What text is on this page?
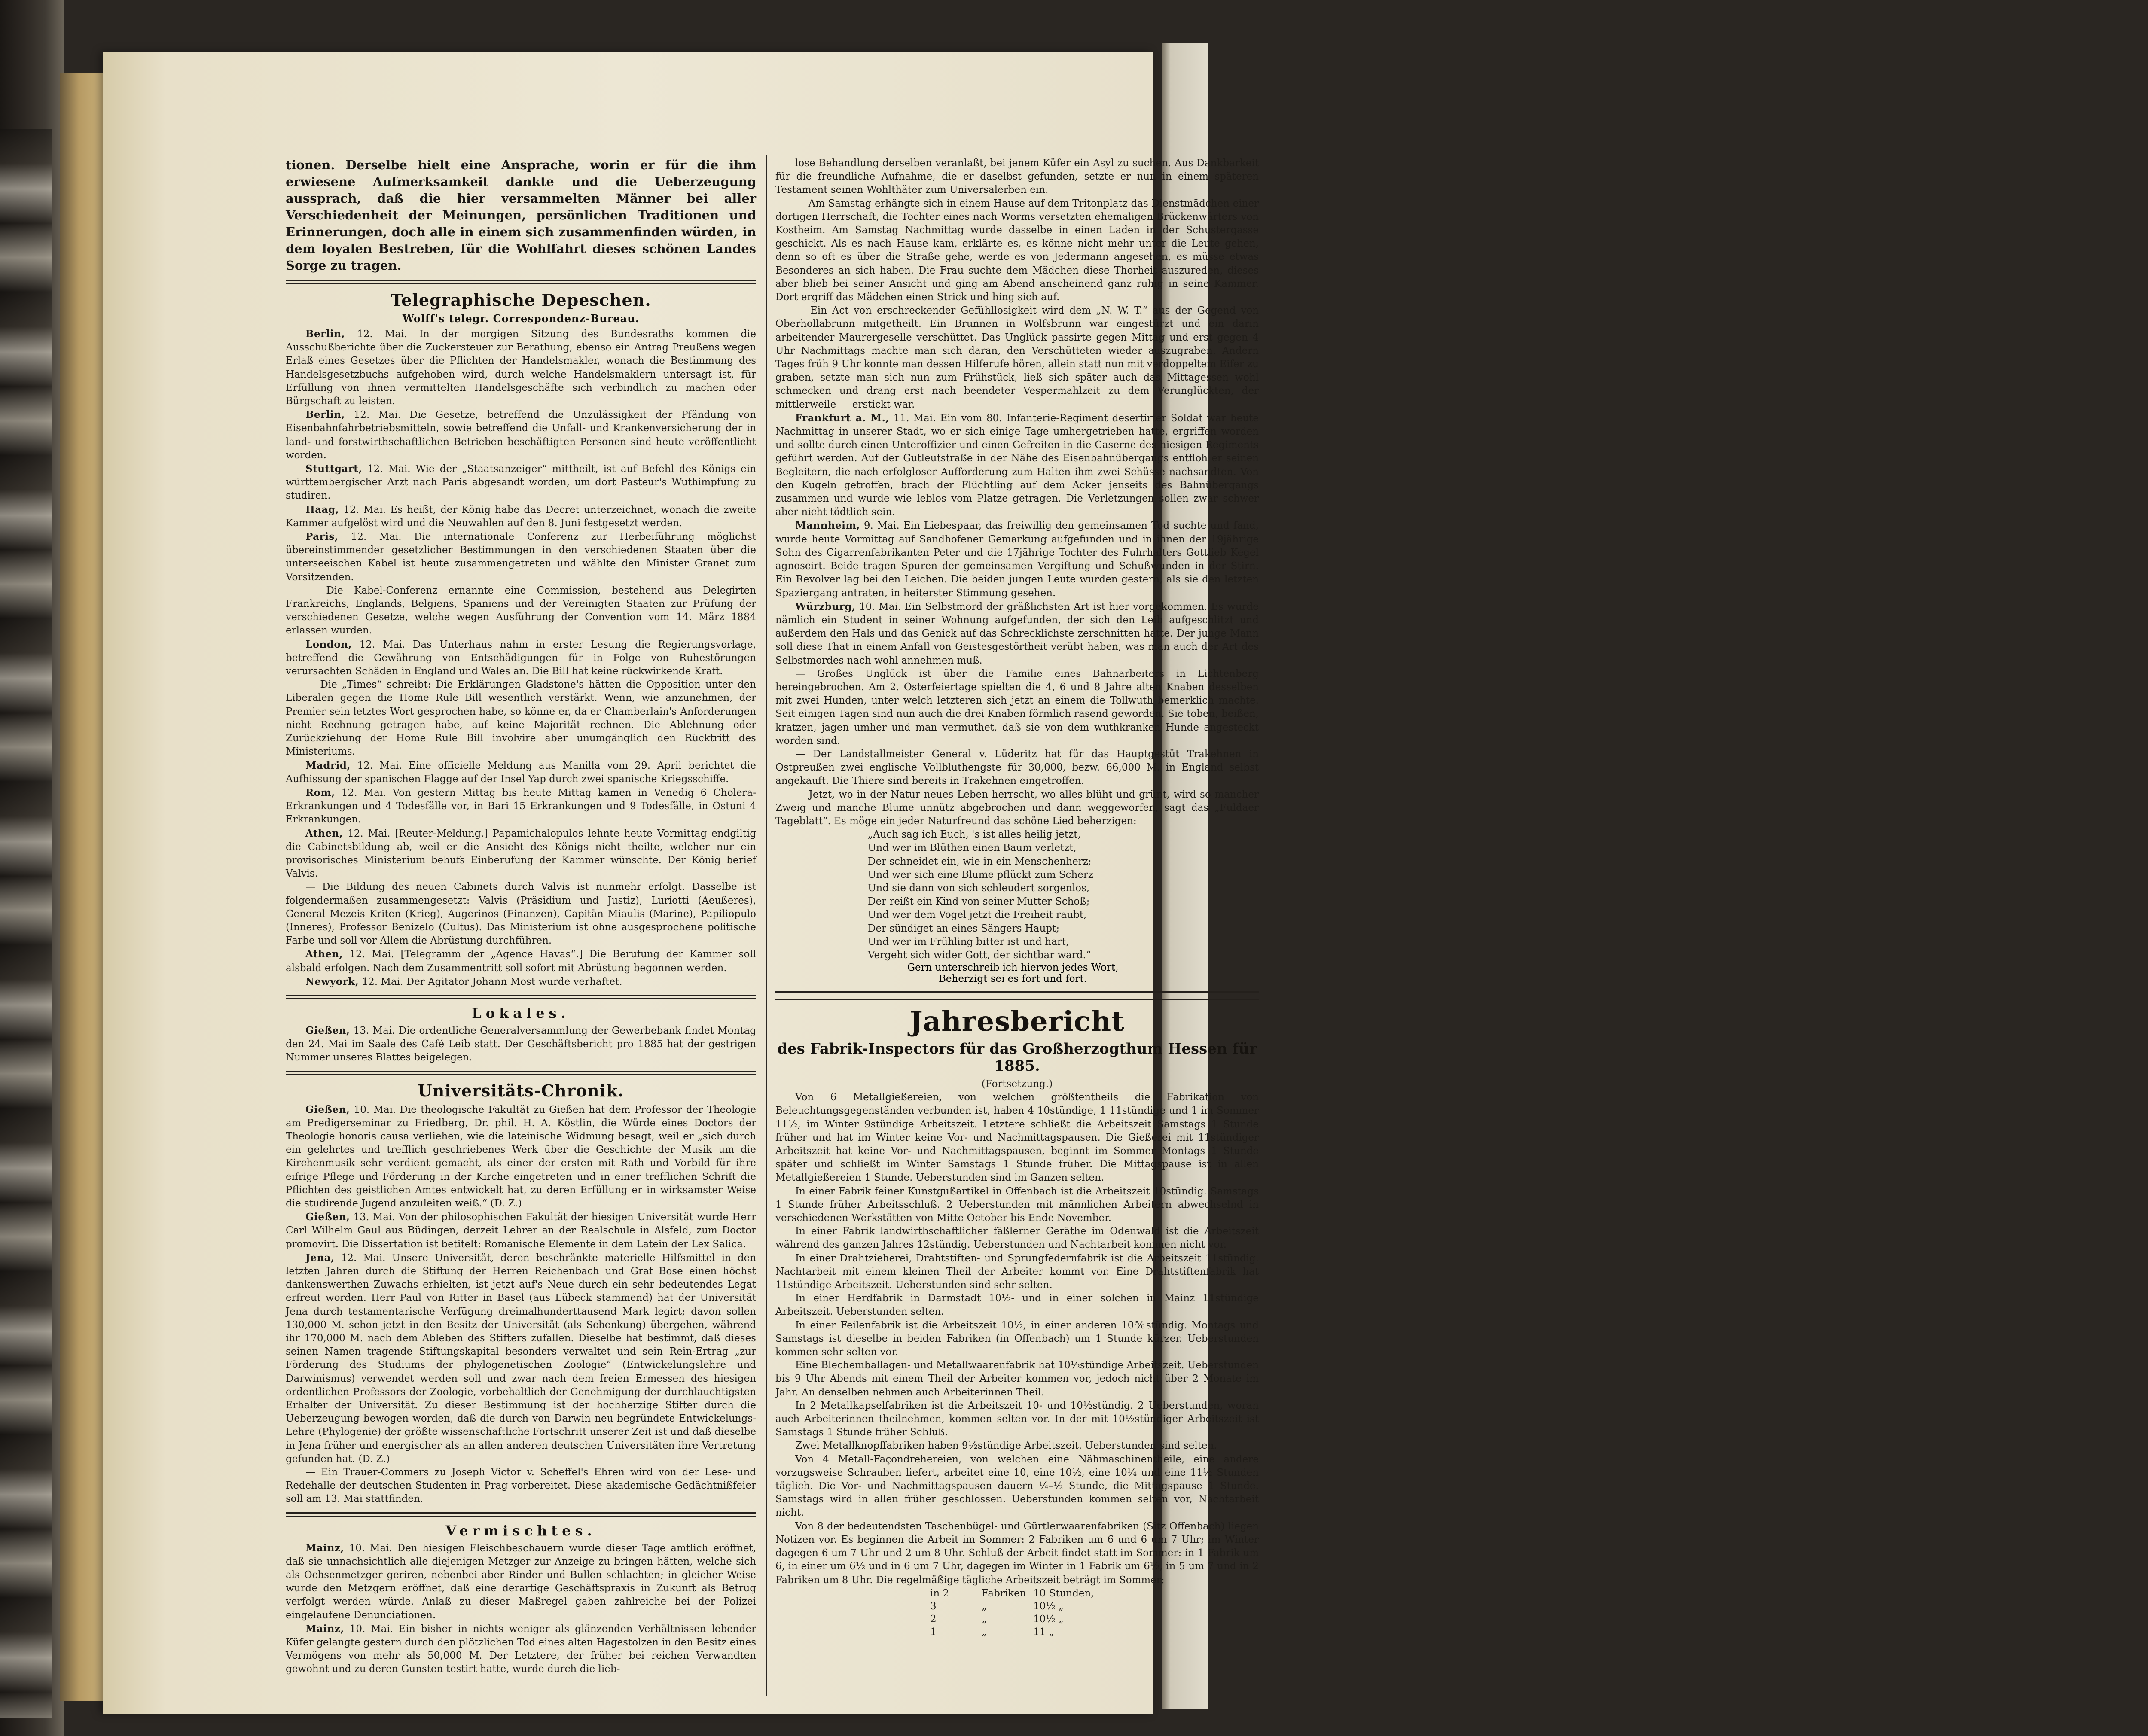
tionen. Derselbe hielt eine Ansprache, worin er für die ihm erwiesene Aufmerksamkeit dankte und die Ueberzeugung aussprach, daß die hier versammelten Männer bei aller Verschiedenheit der Meinungen, persönlichen Traditionen und Erinnerungen, doch alle in einem sich zusammenfinden würden, in dem loyalen Bestreben, für die Wohlfahrt dieses schönen Landes Sorge zu tragen.

Telegraphische Depeschen.
Wolff's telegr. Correspondenz-Bureau.

Berlin, 12. Mai. In der morgigen Sitzung des Bundesraths kommen die Ausschußberichte über die Zuckersteuer zur Berathung, ebenso ein Antrag Preußens wegen Erlaß eines Gesetzes über die Pflichten der Handelsmakler, wonach die Bestimmung des Handelsgesetzbuchs aufgehoben wird, durch welche Handelsmaklern untersagt ist, für Erfüllung von ihnen vermittelten Handelsgeschäfte sich verbindlich zu machen oder Bürgschaft zu leisten.

Berlin, 12. Mai. Die Gesetze, betreffend die Unzulässigkeit der Pfändung von Eisenbahnfahrbetriebsmitteln, sowie betreffend die Unfall- und Krankenversicherung der in land- und forstwirthschaftlichen Betrieben beschäftigten Personen sind heute veröffentlicht worden.

Stuttgart, 12. Mai. Wie der „Staatsanzeiger“ mittheilt, ist auf Befehl des Königs ein württembergischer Arzt nach Paris abgesandt worden, um dort Pasteur's Wuthimpfung zu studiren.

Haag, 12. Mai. Es heißt, der König habe das Decret unterzeichnet, wonach die zweite Kammer aufgelöst wird und die Neuwahlen auf den 8. Juni festgesetzt werden.

Paris, 12. Mai. Die internationale Conferenz zur Herbeiführung möglichst übereinstimmender gesetzlicher Bestimmungen in den verschiedenen Staaten über die unterseeischen Kabel ist heute zusammengetreten und wählte den Minister Granet zum Vorsitzenden.

— Die Kabel-Conferenz ernannte eine Commission, bestehend aus Delegirten Frankreichs, Englands, Belgiens, Spaniens und der Vereinigten Staaten zur Prüfung der verschiedenen Gesetze, welche wegen Ausführung der Convention vom 14. März 1884 erlassen wurden.

London, 12. Mai. Das Unterhaus nahm in erster Lesung die Regierungsvorlage, betreffend die Gewährung von Entschädigungen für in Folge von Ruhestörungen verursachten Schäden in England und Wales an. Die Bill hat keine rückwirkende Kraft.

— Die „Times“ schreibt: Die Erklärungen Gladstone's hätten die Opposition unter den Liberalen gegen die Home Rule Bill wesentlich verstärkt. Wenn, wie anzunehmen, der Premier sein letztes Wort gesprochen habe, so könne er, da er Chamberlain's Anforderungen nicht Rechnung getragen habe, auf keine Majorität rechnen. Die Ablehnung oder Zurückziehung der Home Rule Bill involvire aber unumgänglich den Rücktritt des Ministeriums.

Madrid, 12. Mai. Eine officielle Meldung aus Manilla vom 29. April berichtet die Aufhissung der spanischen Flagge auf der Insel Yap durch zwei spanische Kriegsschiffe.

Rom, 12. Mai. Von gestern Mittag bis heute Mittag kamen in Venedig 6 Cholera-Erkrankungen und 4 Todesfälle vor, in Bari 15 Erkrankungen und 9 Todesfälle, in Ostuni 4 Erkrankungen.

Athen, 12. Mai. [Reuter-Meldung.] Papamichalopulos lehnte heute Vormittag endgiltig die Cabinetsbildung ab, weil er die Ansicht des Königs nicht theilte, welcher nur ein provisorisches Ministerium behufs Einberufung der Kammer wünschte. Der König berief Valvis.

— Die Bildung des neuen Cabinets durch Valvis ist nunmehr erfolgt. Dasselbe ist folgendermaßen zusammengesetzt: Valvis (Präsidium und Justiz), Luriotti (Aeußeres), General Mezeis Kriten (Krieg), Augerinos (Finanzen), Capitän Miaulis (Marine), Papiliopulo (Inneres), Professor Benizelo (Cultus). Das Ministerium ist ohne ausgesprochene politische Farbe und soll vor Allem die Abrüstung durchführen.

Athen, 12. Mai. [Telegramm der „Agence Havas“.] Die Berufung der Kammer soll alsbald erfolgen. Nach dem Zusammentritt soll sofort mit Abrüstung begonnen werden.

Newyork, 12. Mai. Der Agitator Johann Most wurde verhaftet.

Lokales.

Gießen, 13. Mai. Die ordentliche Generalversammlung der Gewerbebank findet Montag den 24. Mai im Saale des Café Leib statt. Der Geschäftsbericht pro 1885 hat der gestrigen Nummer unseres Blattes beigelegen.

Universitäts-Chronik.

Gießen, 10. Mai. Die theologische Fakultät zu Gießen hat dem Professor der Theologie am Predigerseminar zu Friedberg, Dr. phil. H. A. Köstlin, die Würde eines Doctors der Theologie honoris causa verliehen, wie die lateinische Widmung besagt, weil er „sich durch ein gelehrtes und trefflich geschriebenes Werk über die Geschichte der Musik um die Kirchenmusik sehr verdient gemacht, als einer der ersten mit Rath und Vorbild für ihre eifrige Pflege und Förderung in der Kirche eingetreten und in einer trefflichen Schrift die Pflichten des geistlichen Amtes entwickelt hat, zu deren Erfüllung er in wirksamster Weise die studirende Jugend anzuleiten weiß.“ (D. Z.)

Gießen, 13. Mai. Von der philosophischen Fakultät der hiesigen Universität wurde Herr Carl Wilhelm Gaul aus Büdingen, derzeit Lehrer an der Realschule in Alsfeld, zum Doctor promovirt. Die Dissertation ist betitelt: Romanische Elemente in dem Latein der Lex Salica.

Jena, 12. Mai. Unsere Universität, deren beschränkte materielle Hilfsmittel in den letzten Jahren durch die Stiftung der Herren Reichenbach und Graf Bose einen höchst dankenswerthen Zuwachs erhielten, ist jetzt auf's Neue durch ein sehr bedeutendes Legat erfreut worden. Herr Paul von Ritter in Basel (aus Lübeck stammend) hat der Universität Jena durch testamentarische Verfügung dreimalhunderttausend Mark legirt; davon sollen 130,000 M. schon jetzt in den Besitz der Universität (als Schenkung) übergehen, während ihr 170,000 M. nach dem Ableben des Stifters zufallen. Dieselbe hat bestimmt, daß dieses seinen Namen tragende Stiftungskapital besonders verwaltet und sein Rein-Ertrag „zur Förderung des Studiums der phylogenetischen Zoologie“ (Entwickelungslehre und Darwinismus) verwendet werden soll und zwar nach dem freien Ermessen des hiesigen ordentlichen Professors der Zoologie, vorbehaltlich der Genehmigung der durchlauchtigsten Erhalter der Universität. Zu dieser Bestimmung ist der hochherzige Stifter durch die Ueberzeugung bewogen worden, daß die durch von Darwin neu begründete Entwickelungs-Lehre (Phylogenie) der größte wissenschaftliche Fortschritt unserer Zeit ist und daß dieselbe in Jena früher und energischer als an allen anderen deutschen Universitäten ihre Vertretung gefunden hat. (D. Z.)

— Ein Trauer-Commers zu Joseph Victor v. Scheffel's Ehren wird von der Lese- und Redehalle der deutschen Studenten in Prag vorbereitet. Diese akademische Gedächtnißfeier soll am 13. Mai stattfinden.

Vermischtes.

Mainz, 10. Mai. Den hiesigen Fleischbeschauern wurde dieser Tage amtlich eröffnet, daß sie unnachsichtlich alle diejenigen Metzger zur Anzeige zu bringen hätten, welche sich als Ochsenmetzger geriren, nebenbei aber Rinder und Bullen schlachten; in gleicher Weise wurde den Metzgern eröffnet, daß eine derartige Geschäftspraxis in Zukunft als Betrug verfolgt werden würde. Anlaß zu dieser Maßregel gaben zahlreiche bei der Polizei eingelaufene Denunciationen.

Mainz, 10. Mai. Ein bisher in nichts weniger als glänzenden Verhältnissen lebender Küfer gelangte gestern durch den plötzlichen Tod eines alten Hagestolzen in den Besitz eines Vermögens von mehr als 50,000 M. Der Letztere, der früher bei reichen Verwandten gewohnt und zu deren Gunsten testirt hatte, wurde durch die lieb-

lose Behandlung derselben veranlaßt, bei jenem Küfer ein Asyl zu suchen. Aus Dankbarkeit für die freundliche Aufnahme, die er daselbst gefunden, setzte er nun in einem späteren Testament seinen Wohlthäter zum Universalerben ein.

— Am Samstag erhängte sich in einem Hause auf dem Tritonplatz das Dienstmädchen einer dortigen Herrschaft, die Tochter eines nach Worms versetzten ehemaligen Brückenwärters von Kostheim. Am Samstag Nachmittag wurde dasselbe in einen Laden in der Schustergasse geschickt. Als es nach Hause kam, erklärte es, es könne nicht mehr unter die Leute gehen, denn so oft es über die Straße gehe, werde es von Jedermann angesehen, es müsse etwas Besonderes an sich haben. Die Frau suchte dem Mädchen diese Thorheit auszureden, dieses aber blieb bei seiner Ansicht und ging am Abend anscheinend ganz ruhig in seine Kammer. Dort ergriff das Mädchen einen Strick und hing sich auf.

— Ein Act von erschreckender Gefühllosigkeit wird dem „N. W. T.“ aus der Gegend von Oberhollabrunn mitgetheilt. Ein Brunnen in Wolfsbrunn war eingestürzt und ein darin arbeitender Maurergeselle verschüttet. Das Unglück passirte gegen Mittag und erst gegen 4 Uhr Nachmittags machte man sich daran, den Verschütteten wieder auszugraben. Andern Tages früh 9 Uhr konnte man dessen Hilferufe hören, allein statt nun mit verdoppeltem Eifer zu graben, setzte man sich nun zum Frühstück, ließ sich später auch das Mittagessen wohl schmecken und drang erst nach beendeter Vespermahlzeit zu dem Verunglückten, der mittlerweile — erstickt war.

Frankfurt a. M., 11. Mai. Ein vom 80. Infanterie-Regiment desertirter Soldat war heute Nachmittag in unserer Stadt, wo er sich einige Tage umhergetrieben hatte, ergriffen worden und sollte durch einen Unteroffizier und einen Gefreiten in die Caserne des hiesigen Regiments geführt werden. Auf der Gutleutstraße in der Nähe des Eisenbahnübergangs entfloh er seinen Begleitern, die nach erfolgloser Aufforderung zum Halten ihm zwei Schüsse nachsandten. Von den Kugeln getroffen, brach der Flüchtling auf dem Acker jenseits des Bahnübergangs zusammen und wurde wie leblos vom Platze getragen. Die Verletzungen sollen zwar schwer aber nicht tödtlich sein.

Mannheim, 9. Mai. Ein Liebespaar, das freiwillig den gemeinsamen Tod suchte und fand, wurde heute Vormittag auf Sandhofener Gemarkung aufgefunden und in ihnen der 19jährige Sohn des Cigarrenfabrikanten Peter und die 17jährige Tochter des Fuhrhalters Gottlieb Kegel agnoscirt. Beide tragen Spuren der gemeinsamen Vergiftung und Schußwunden in der Stirn. Ein Revolver lag bei den Leichen. Die beiden jungen Leute wurden gestern, als sie den letzten Spaziergang antraten, in heiterster Stimmung gesehen.

Würzburg, 10. Mai. Ein Selbstmord der gräßlichsten Art ist hier vorgekommen. Es wurde nämlich ein Student in seiner Wohnung aufgefunden, der sich den Leib aufgeschlitzt und außerdem den Hals und das Genick auf das Schrecklichste zerschnitten hatte. Der junge Mann soll diese That in einem Anfall von Geistesgestörtheit verübt haben, was man auch der Art des Selbstmordes nach wohl annehmen muß.

— Großes Unglück ist über die Familie eines Bahnarbeiters in Lichtenberg hereingebrochen. Am 2. Osterfeiertage spielten die 4, 6 und 8 Jahre alten Knaben desselben mit zwei Hunden, unter welch letzteren sich jetzt an einem die Tollwuth bemerklich machte. Seit einigen Tagen sind nun auch die drei Knaben förmlich rasend geworden. Sie toben, beißen, kratzen, jagen umher und man vermuthet, daß sie von dem wuthkranken Hunde angesteckt worden sind.

— Der Landstallmeister General v. Lüderitz hat für das Hauptgestüt Trakehnen in Ostpreußen zwei englische Vollbluthengste für 30,000, bezw. 66,000 M. in England selbst angekauft. Die Thiere sind bereits in Trakehnen eingetroffen.

— Jetzt, wo in der Natur neues Leben herrscht, wo alles blüht und grünt, wird so mancher Zweig und manche Blume unnütz abgebrochen und dann weggeworfen, sagt das „Fuldaer Tageblatt“. Es möge ein jeder Naturfreund das schöne Lied beherzigen:

„Auch sag ich Euch, 's ist alles heilig jetzt,
Und wer im Blüthen einen Baum verletzt,
Der schneidet ein, wie in ein Menschenherz;
Und wer sich eine Blume pflückt zum Scherz
Und sie dann von sich schleudert sorgenlos,
Der reißt ein Kind von seiner Mutter Schoß;
Und wer dem Vogel jetzt die Freiheit raubt,
Der sündiget an eines Sängers Haupt;
Und wer im Frühling bitter ist und hart,
Vergeht sich wider Gott, der sichtbar ward.“
Gern unterschreib ich hiervon jedes Wort,
Beherzigt sei es fort und fort.
Jahresbericht
des Fabrik-Inspectors für das Großherzogthum Hessen für 1885.
(Fortsetzung.)

Von 6 Metallgießereien, von welchen größtentheils die Fabrikation von Beleuchtungsgegenständen verbunden ist, haben 4 10stündige, 1 11stündige und 1 im Sommer 11½, im Winter 9stündige Arbeitszeit. Letztere schließt die Arbeitszeit Samstags 1 Stunde früher und hat im Winter keine Vor- und Nachmittagspausen. Die Gießerei mit 11stündiger Arbeitszeit hat keine Vor- und Nachmittagspausen, beginnt im Sommer Montags 1 Stunde später und schließt im Winter Samstags 1 Stunde früher. Die Mittagspause ist in allen Metallgießereien 1 Stunde. Ueberstunden sind im Ganzen selten.

In einer Fabrik feiner Kunstgußartikel in Offenbach ist die Arbeitszeit 10stündig. Samstags 1 Stunde früher Arbeitsschluß. 2 Ueberstunden mit männlichen Arbeitern abwechselnd in verschiedenen Werkstätten von Mitte October bis Ende November.

In einer Fabrik landwirthschaftlicher fäßlerner Geräthe im Odenwald ist die Arbeitszeit während des ganzen Jahres 12stündig. Ueberstunden und Nachtarbeit kommen nicht vor.

In einer Drahtzieherei, Drahtstiften- und Sprungfedernfabrik ist die Arbeitszeit 11stündig. Nachtarbeit mit einem kleinen Theil der Arbeiter kommt vor. Eine Drahtstiftenfabrik hat 11stündige Arbeitszeit. Ueberstunden sind sehr selten.

In einer Herdfabrik in Darmstadt 10½- und in einer solchen in Mainz 11stündige Arbeitszeit. Ueberstunden selten.

In einer Feilenfabrik ist die Arbeitszeit 10½, in einer anderen 10⅚stündig. Montags und Samstags ist dieselbe in beiden Fabriken (in Offenbach) um 1 Stunde kürzer. Ueberstunden kommen sehr selten vor.

Eine Blechemballagen- und Metallwaarenfabrik hat 10½stündige Arbeitszeit. Ueberstunden bis 9 Uhr Abends mit einem Theil der Arbeiter kommen vor, jedoch nicht über 2 Monate im Jahr. An denselben nehmen auch Arbeiterinnen Theil.

In 2 Metallkapselfabriken ist die Arbeitszeit 10- und 10½stündig. 2 Ueberstunden, woran auch Arbeiterinnen theilnehmen, kommen selten vor. In der mit 10½stündiger Arbeitszeit ist Samstags 1 Stunde früher Schluß.

Zwei Metallknopffabriken haben 9½stündige Arbeitszeit. Ueberstunden sind selten.

Von 4 Metall-Façondrehereien, von welchen eine Nähmaschinentheile, eine andere vorzugsweise Schrauben liefert, arbeitet eine 10, eine 10½, eine 10¼ und eine 11½ Stunden täglich. Die Vor- und Nachmittagspausen dauern ¼–½ Stunde, die Mittagspause 1 Stunde. Samstags wird in allen früher geschlossen. Ueberstunden kommen selten vor, Nachtarbeit nicht.

Von 8 der bedeutendsten Taschenbügel- und Gürtlerwaarenfabriken (Sitz Offenbach) liegen Notizen vor. Es beginnen die Arbeit im Sommer: 2 Fabriken um 6 und 6 um 7 Uhr; im Winter dagegen 6 um 7 Uhr und 2 um 8 Uhr. Schluß der Arbeit findet statt im Sommer: in 1 Fabrik um 6, in einer um 6½ und in 6 um 7 Uhr, dagegen im Winter in 1 Fabrik um 6½, in 5 um 7 und in 2 Fabriken um 8 Uhr. Die regelmäßige tägliche Arbeitszeit beträgt im Sommer:

in 2	Fabriken 10 Stunden,
3	„	10½ „
2	„	10½ „
1	„	11 „
